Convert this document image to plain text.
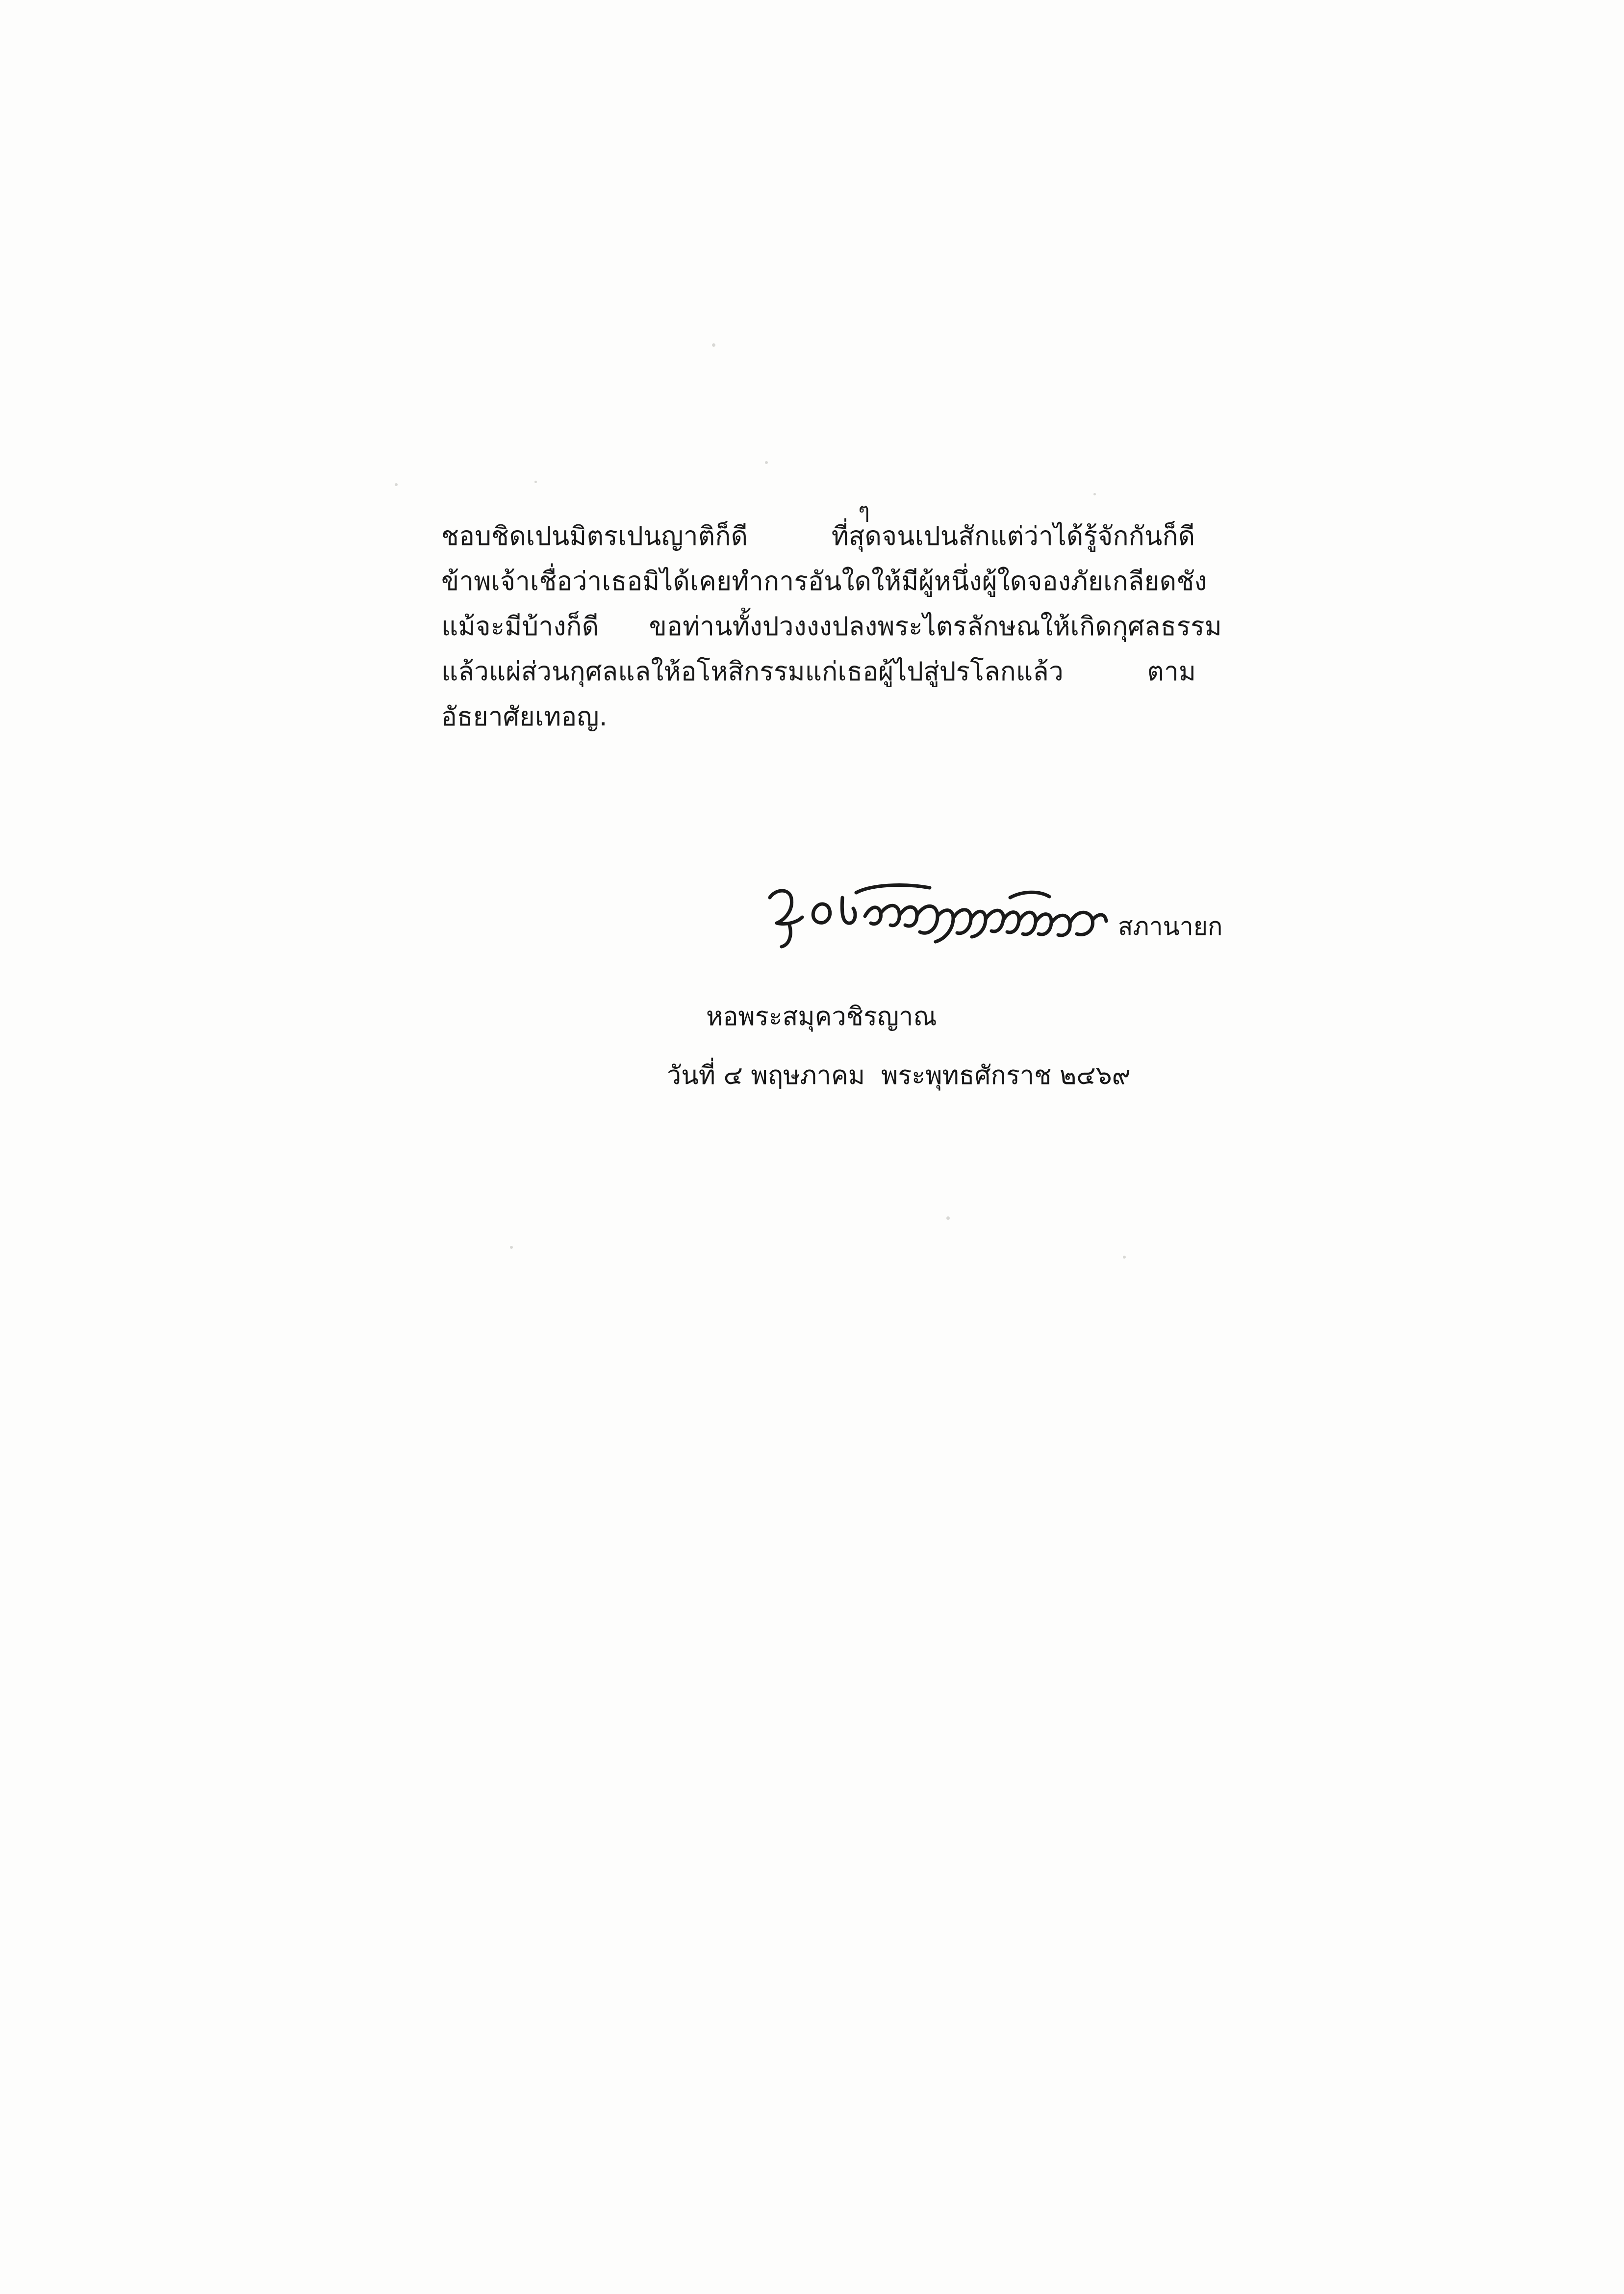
ๆ
ชอบชิดเปนมิตรเปนญาติก็ดี          ที่สุดจนเปนสักแต่ว่าได้รู้จักกันก็ดี
ข้าพเจ้าเชื่อว่าเธอมิได้เคยทำการอันใดให้มีผู้หนึ่งผู้ใดจองภัยเกลียดชัง
แม้จะมีบ้างก็ดี      ขอท่านทั้งปวงงงปลงพระไตรลักษณให้เกิดกุศลธรรม
แล้วแผ่ส่วนกุศลแลให้อโหสิกรรมแก่เธอผู้ไปสู่ปรโลกแล้ว          ตาม
อัธยาศัยเทอญ.
สภานายก
หอพระสมุควชิรญาณ
วันที่ ๔ พฤษภาคม  พระพุทธศักราช ๒๔๖๙
